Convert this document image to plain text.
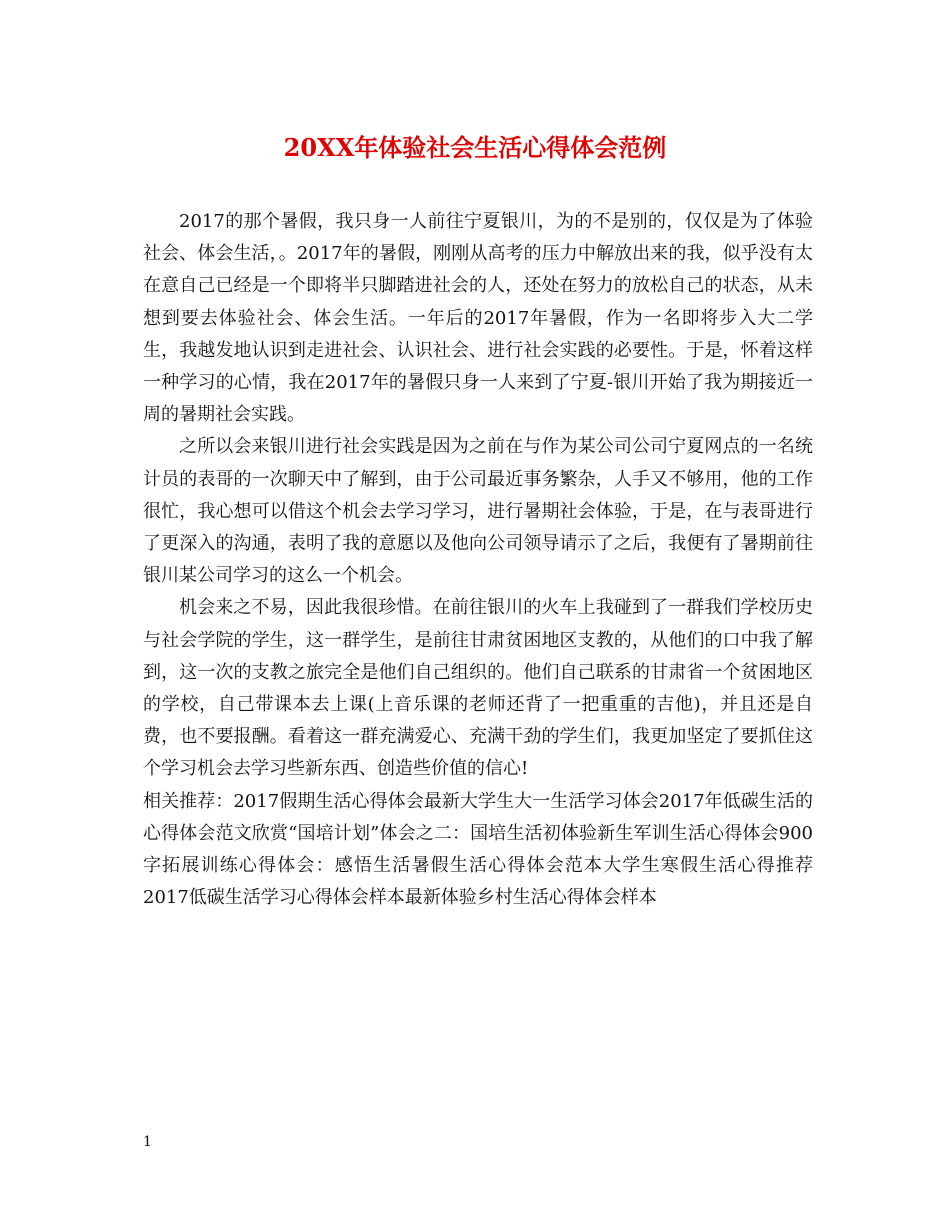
20XX年体验社会生活心得体会范例

2017的那个暑假，我只身一人前往宁夏银川，为的不是别的，仅仅是为了体验社会、体会生活，。2017年的暑假，刚刚从高考的压力中解放出来的我，似乎没有太在意自己已经是一个即将半只脚踏进社会的人，还处在努力的放松自己的状态，从未想到要去体验社会、体会生活。一年后的2017年暑假，作为一名即将步入大二学生，我越发地认识到走进社会、认识社会、进行社会实践的必要性。于是，怀着这样一种学习的心情，我在2017年的暑假只身一人来到了宁夏-银川开始了我为期接近一周的暑期社会实践。

之所以会来银川进行社会实践是因为之前在与作为某公司公司宁夏网点的一名统计员的表哥的一次聊天中了解到，由于公司最近事务繁杂，人手又不够用，他的工作很忙，我心想可以借这个机会去学习学习，进行暑期社会体验，于是，在与表哥进行了更深入的沟通，表明了我的意愿以及他向公司领导请示了之后，我便有了暑期前往银川某公司学习的这么一个机会。

机会来之不易，因此我很珍惜。在前往银川的火车上我碰到了一群我们学校历史与社会学院的学生，这一群学生，是前往甘肃贫困地区支教的，从他们的口中我了解到，这一次的支教之旅完全是他们自己组织的。他们自己联系的甘肃省一个贫困地区的学校，自己带课本去上课(上音乐课的老师还背了一把重重的吉他)，并且还是自费，也不要报酬。看着这一群充满爱心、充满干劲的学生们，我更加坚定了要抓住这个学习机会去学习些新东西、创造些价值的信心!

相关推荐：2017假期生活心得体会最新大学生大一生活学习体会2017年低碳生活的心得体会范文欣赏“国培计划”体会之二：国培生活初体验新生军训生活心得体会900字拓展训练心得体会：感悟生活暑假生活心得体会范本大学生寒假生活心得推荐2017低碳生活学习心得体会样本最新体验乡村生活心得体会样本

1
